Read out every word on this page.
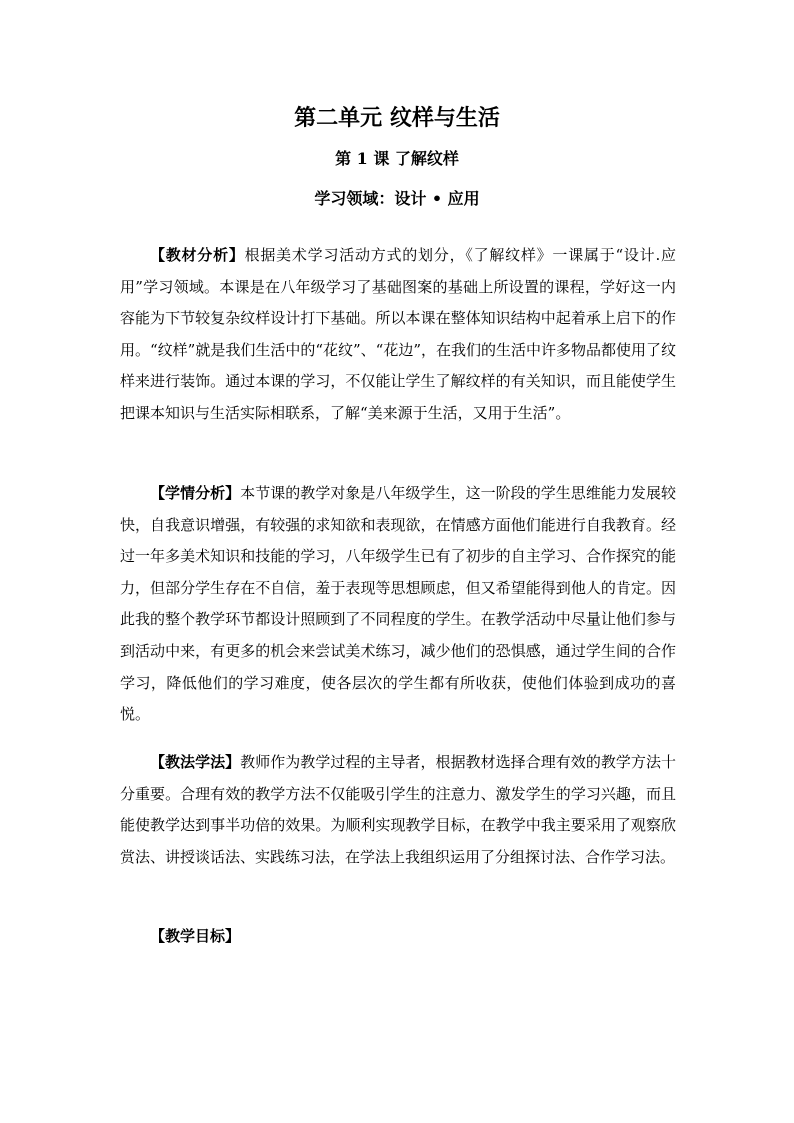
第二单元 纹样与生活
第 1 课 了解纹样
学习领域：设计 • 应用

【教材分析】根据美术学习活动方式的划分，《了解纹样》一课属于“设计.应用”学习领域。本课是在八年级学习了基础图案的基础上所设置的课程，学好这一内容能为下节较复杂纹样设计打下基础。所以本课在整体知识结构中起着承上启下的作用。“纹样”就是我们生活中的“花纹”、“花边”，在我们的生活中许多物品都使用了纹样来进行装饰。通过本课的学习，不仅能让学生了解纹样的有关知识，而且能使学生把课本知识与生活实际相联系，了解“美来源于生活，又用于生活”。

【学情分析】本节课的教学对象是八年级学生，这一阶段的学生思维能力发展较快，自我意识增强，有较强的求知欲和表现欲，在情感方面他们能进行自我教育。经过一年多美术知识和技能的学习，八年级学生已有了初步的自主学习、合作探究的能力，但部分学生存在不自信，羞于表现等思想顾虑，但又希望能得到他人的肯定。因此我的整个教学环节都设计照顾到了不同程度的学生。在教学活动中尽量让他们参与到活动中来，有更多的机会来尝试美术练习，减少他们的恐惧感，通过学生间的合作学习，降低他们的学习难度，使各层次的学生都有所收获，使他们体验到成功的喜悦。

【教法学法】教师作为教学过程的主导者，根据教材选择合理有效的教学方法十分重要。合理有效的教学方法不仅能吸引学生的注意力、激发学生的学习兴趣，而且能使教学达到事半功倍的效果。为顺利实现教学目标，在教学中我主要采用了观察欣赏法、讲授谈话法、实践练习法，在学法上我组织运用了分组探讨法、合作学习法。

【教学目标】
